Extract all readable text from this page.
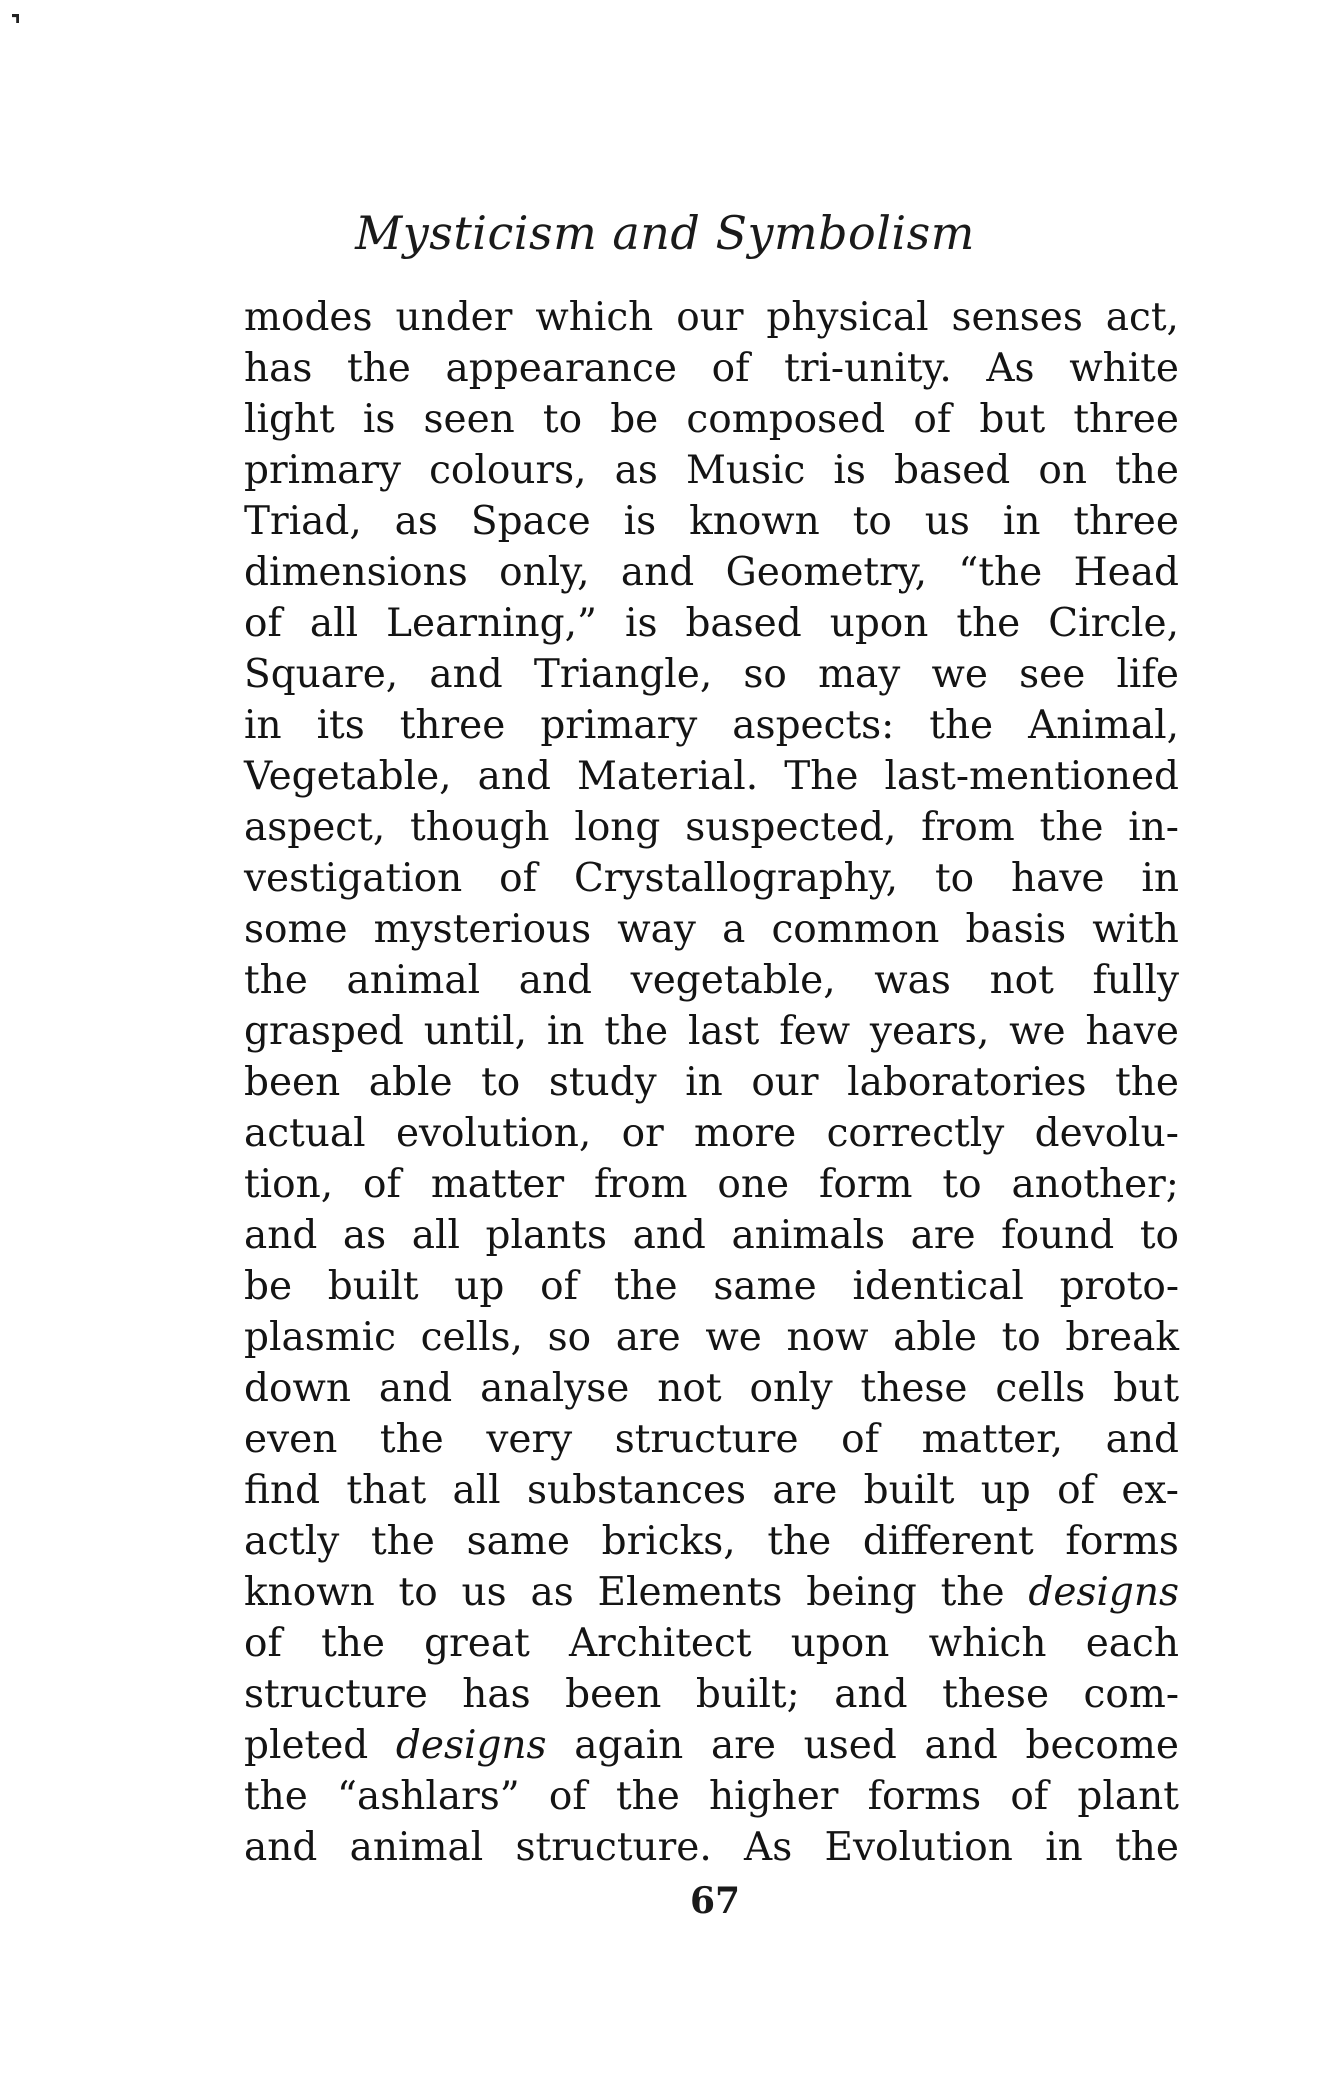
Mysticism and Symbolism
modes under which our physical senses act,
has the appearance of tri-unity. As white
light is seen to be composed of but three
primary colours, as Music is based on the
Triad, as Space is known to us in three
dimensions only, and Geometry, “the Head
of all Learning,” is based upon the Circle,
Square, and Triangle, so may we see life
in its three primary aspects: the Animal,
Vegetable, and Material. The last-mentioned
aspect, though long suspected, from the in-
vestigation of Crystallography, to have in
some mysterious way a common basis with
the animal and vegetable, was not fully
grasped until, in the last few years, we have
been able to study in our laboratories the
actual evolution, or more correctly devolu-
tion, of matter from one form to another;
and as all plants and animals are found to
be built up of the same identical proto-
plasmic cells, so are we now able to break
down and analyse not only these cells but
even the very structure of matter, and
find that all substances are built up of ex-
actly the same bricks, the different forms
known to us as Elements being the designs
of the great Architect upon which each
structure has been built; and these com-
pleted designs again are used and become
the “ashlars” of the higher forms of plant
and animal structure. As Evolution in the
67
